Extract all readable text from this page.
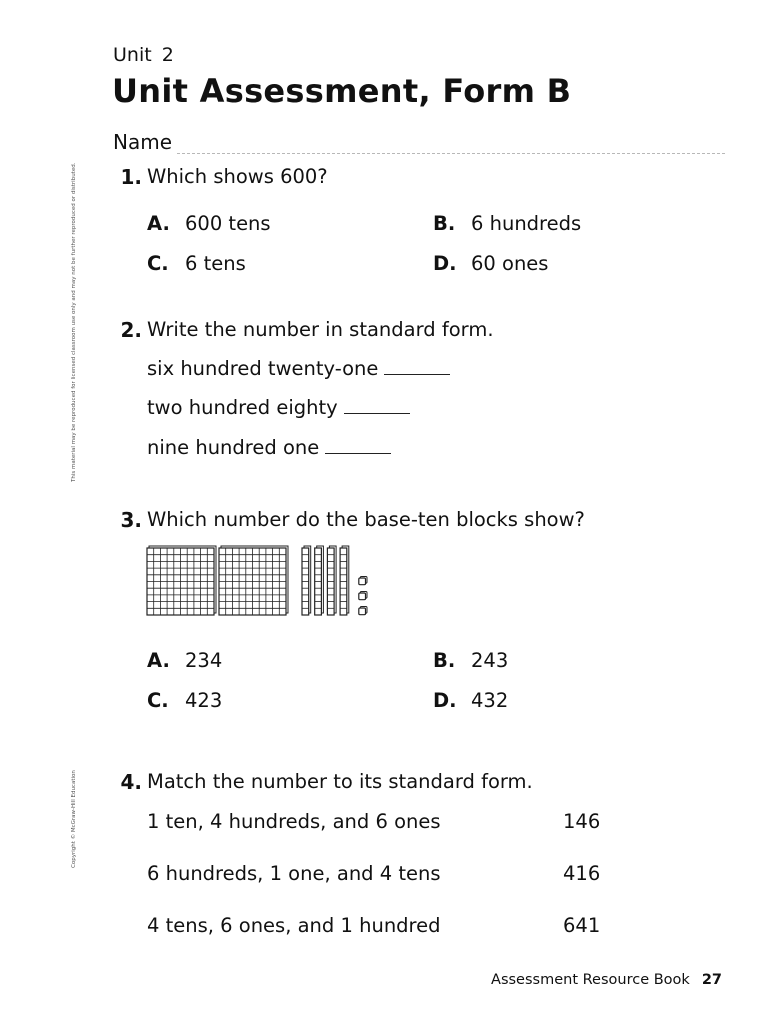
Unit 2
Unit Assessment, Form B
Name
This material may be reproduced for licensed classroom use only and may not be further reproduced or distributed.
Copyright © McGraw-Hill Education
1. Which shows 600?
A. 600 tens	B. 6 hundreds
C. 6 tens	D. 60 ones
2. Write the number in standard form.
six hundred twenty-one
two hundred eighty
nine hundred one
3. Which number do the base-ten blocks show?
A. 234	B. 243
C. 423	D. 432
4. Match the number to its standard form.
1 ten, 4 hundreds, and 6 ones	146
6 hundreds, 1 one, and 4 tens	416
4 tens, 6 ones, and 1 hundred	641
Assessment Resource Book 27
